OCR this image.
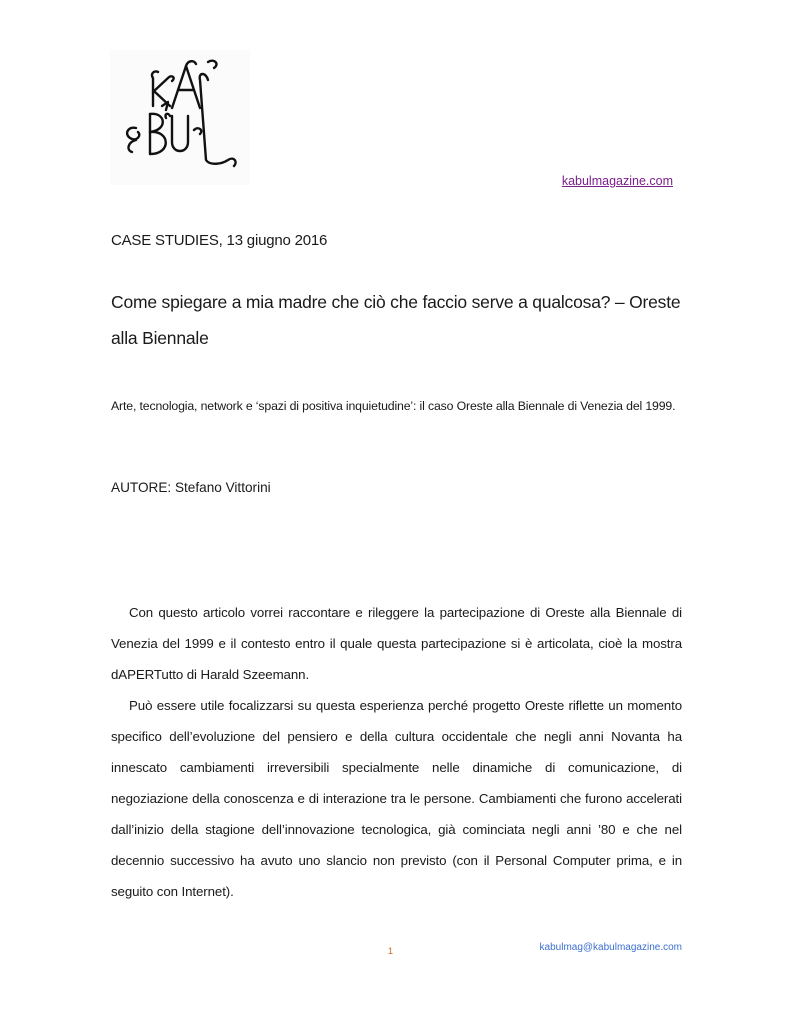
kabulmagazine.com
CASE STUDIES, 13 giugno 2016
Come spiegare a mia madre che ciò che faccio serve a qualcosa? – Oreste alla Biennale
Arte, tecnologia, network e ‘spazi di positiva inquietudine’: il caso Oreste alla Biennale di Venezia del 1999.
AUTORE: Stefano Vittorini

Con questo articolo vorrei raccontare e rileggere la partecipazione di Oreste alla Biennale di Venezia del 1999 e il contesto entro il quale questa partecipazione si è articolata, cioè la mostra dAPERTutto di Harald Szeemann.

Può essere utile focalizzarsi su questa esperienza perché progetto Oreste riflette un momento specifico dell’evoluzione del pensiero e della cultura occidentale che negli anni Novanta ha innescato cambiamenti irreversibili specialmente nelle dinamiche di comunicazione, di negoziazione della conoscenza e di interazione tra le persone. Cambiamenti che furono accelerati dall’inizio della stagione dell’innovazione tecnologica, già cominciata negli anni ’80 e che nel decennio successivo ha avuto uno slancio non previsto (con il Personal Computer prima, e in seguito con Internet).

1	kabulmag@kabulmagazine.com
